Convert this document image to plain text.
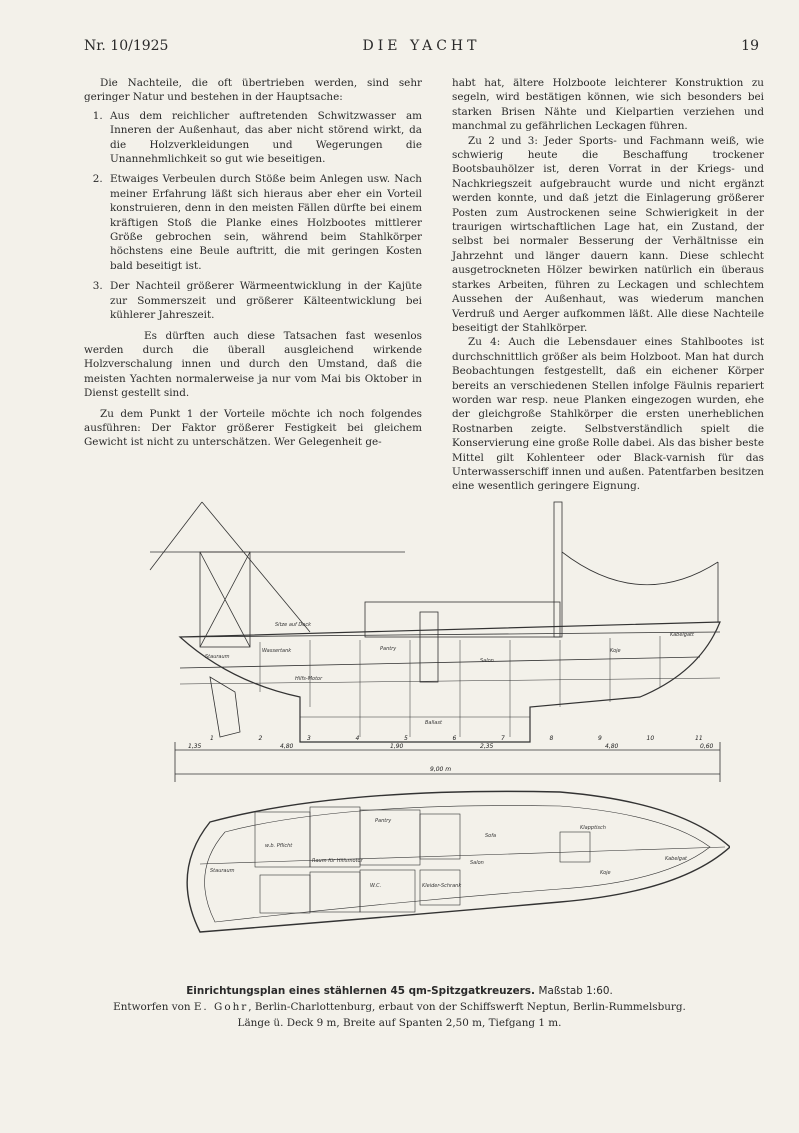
Nr. 10/1925	DIE YACHT	19

Die Nachteile, die oft übertrieben werden, sind sehr geringer Natur und bestehen in der Hauptsache:

1. Aus dem reichlicher auftretenden Schwitzwasser am Inneren der Außenhaut, das aber nicht störend wirkt, da die Holzverkleidungen und Wegerungen die Unannehmlichkeit so gut wie beseitigen.
2. Etwaiges Verbeulen durch Stöße beim Anlegen usw. Nach meiner Erfahrung läßt sich hieraus aber eher ein Vorteil konstruieren, denn in den meisten Fällen dürfte bei einem kräftigen Stoß die Planke eines Holzbootes mittlerer Größe gebrochen sein, während beim Stahlkörper höchstens eine Beule auftritt, die mit geringen Kosten bald beseitigt ist.
3. Der Nachteil größerer Wärmeentwicklung in der Kajüte zur Sommerszeit und größerer Kälteentwicklung bei kühlerer Jahreszeit.

Es dürften auch diese Tatsachen fast wesenlos werden durch die überall ausgleichend wirkende Holzverschalung innen und durch den Umstand, daß die meisten Yachten normalerweise ja nur vom Mai bis Oktober in Dienst gestellt sind.

Zu dem Punkt 1 der Vorteile möchte ich noch folgendes ausführen: Der Faktor größerer Festigkeit bei gleichem Gewicht ist nicht zu unterschätzen. Wer Gelegenheit ge-

habt hat, ältere Holzboote leichterer Konstruktion zu segeln, wird bestätigen können, wie sich besonders bei starken Brisen Nähte und Kielpartien verziehen und manchmal zu gefährlichen Leckagen führen.

Zu 2 und 3: Jeder Sports- und Fachmann weiß, wie schwierig heute die Beschaffung trockener Bootsbauhölzer ist, deren Vorrat in der Kriegs- und Nachkriegszeit aufgebraucht wurde und nicht ergänzt werden konnte, und daß jetzt die Einlagerung größerer Posten zum Austrockenen seine Schwierigkeit in der traurigen wirtschaftlichen Lage hat, ein Zustand, der selbst bei normaler Besserung der Verhältnisse ein Jahrzehnt und länger dauern kann. Diese schlecht ausgetrockneten Hölzer bewirken natürlich ein überaus starkes Arbeiten, führen zu Leckagen und schlechtem Aussehen der Außenhaut, was wiederum manchen Verdruß und Aerger aufkommen läßt. Alle diese Nachteile beseitigt der Stahlkörper.

Zu 4: Auch die Lebensdauer eines Stahlbootes ist durchschnittlich größer als beim Holzboot. Man hat durch Beobachtungen festgestellt, daß ein eichener Körper bereits an verschiedenen Stellen infolge Fäulnis repariert worden war resp. neue Planken eingezogen wurden, ehe der gleichgroße Stahlkörper die ersten unerheblichen Rostnarben zeigte. Selbstverständlich spielt die Konservierung eine große Rolle dabei. Als das bisher beste Mittel gilt Kohlenteer oder Black-varnish für das Unterwasserschiff innen und außen. Patentfarben besitzen eine wesentlich geringere Eignung.

Stauraum
Sitze auf Deck
Wassertank	Pantry
Salon
Kabelgatt
Hilfs-Motor
Ballast
Koje
1	2	3	4	5	6	7	8	9	10	11
1,35	4,80	1,90	2,35	4,80	0,60
9,00 m
Stauraum
w.b. Pflicht
Raum für Hilfsmotor	Salon
Sofa
Pantry
W.C.	Kleider-Schrank
Kabelgat
Klapptisch
Koje
Einrichtungsplan eines stählernen 45 qm-Spitzgatkreuzers. Maßstab 1:60.
Entworfen von E. Gohr, Berlin-Charlottenburg, erbaut von der Schiffswerft Neptun, Berlin-Rummelsburg.
Länge ü. Deck 9 m, Breite auf Spanten 2,50 m, Tiefgang 1 m.
